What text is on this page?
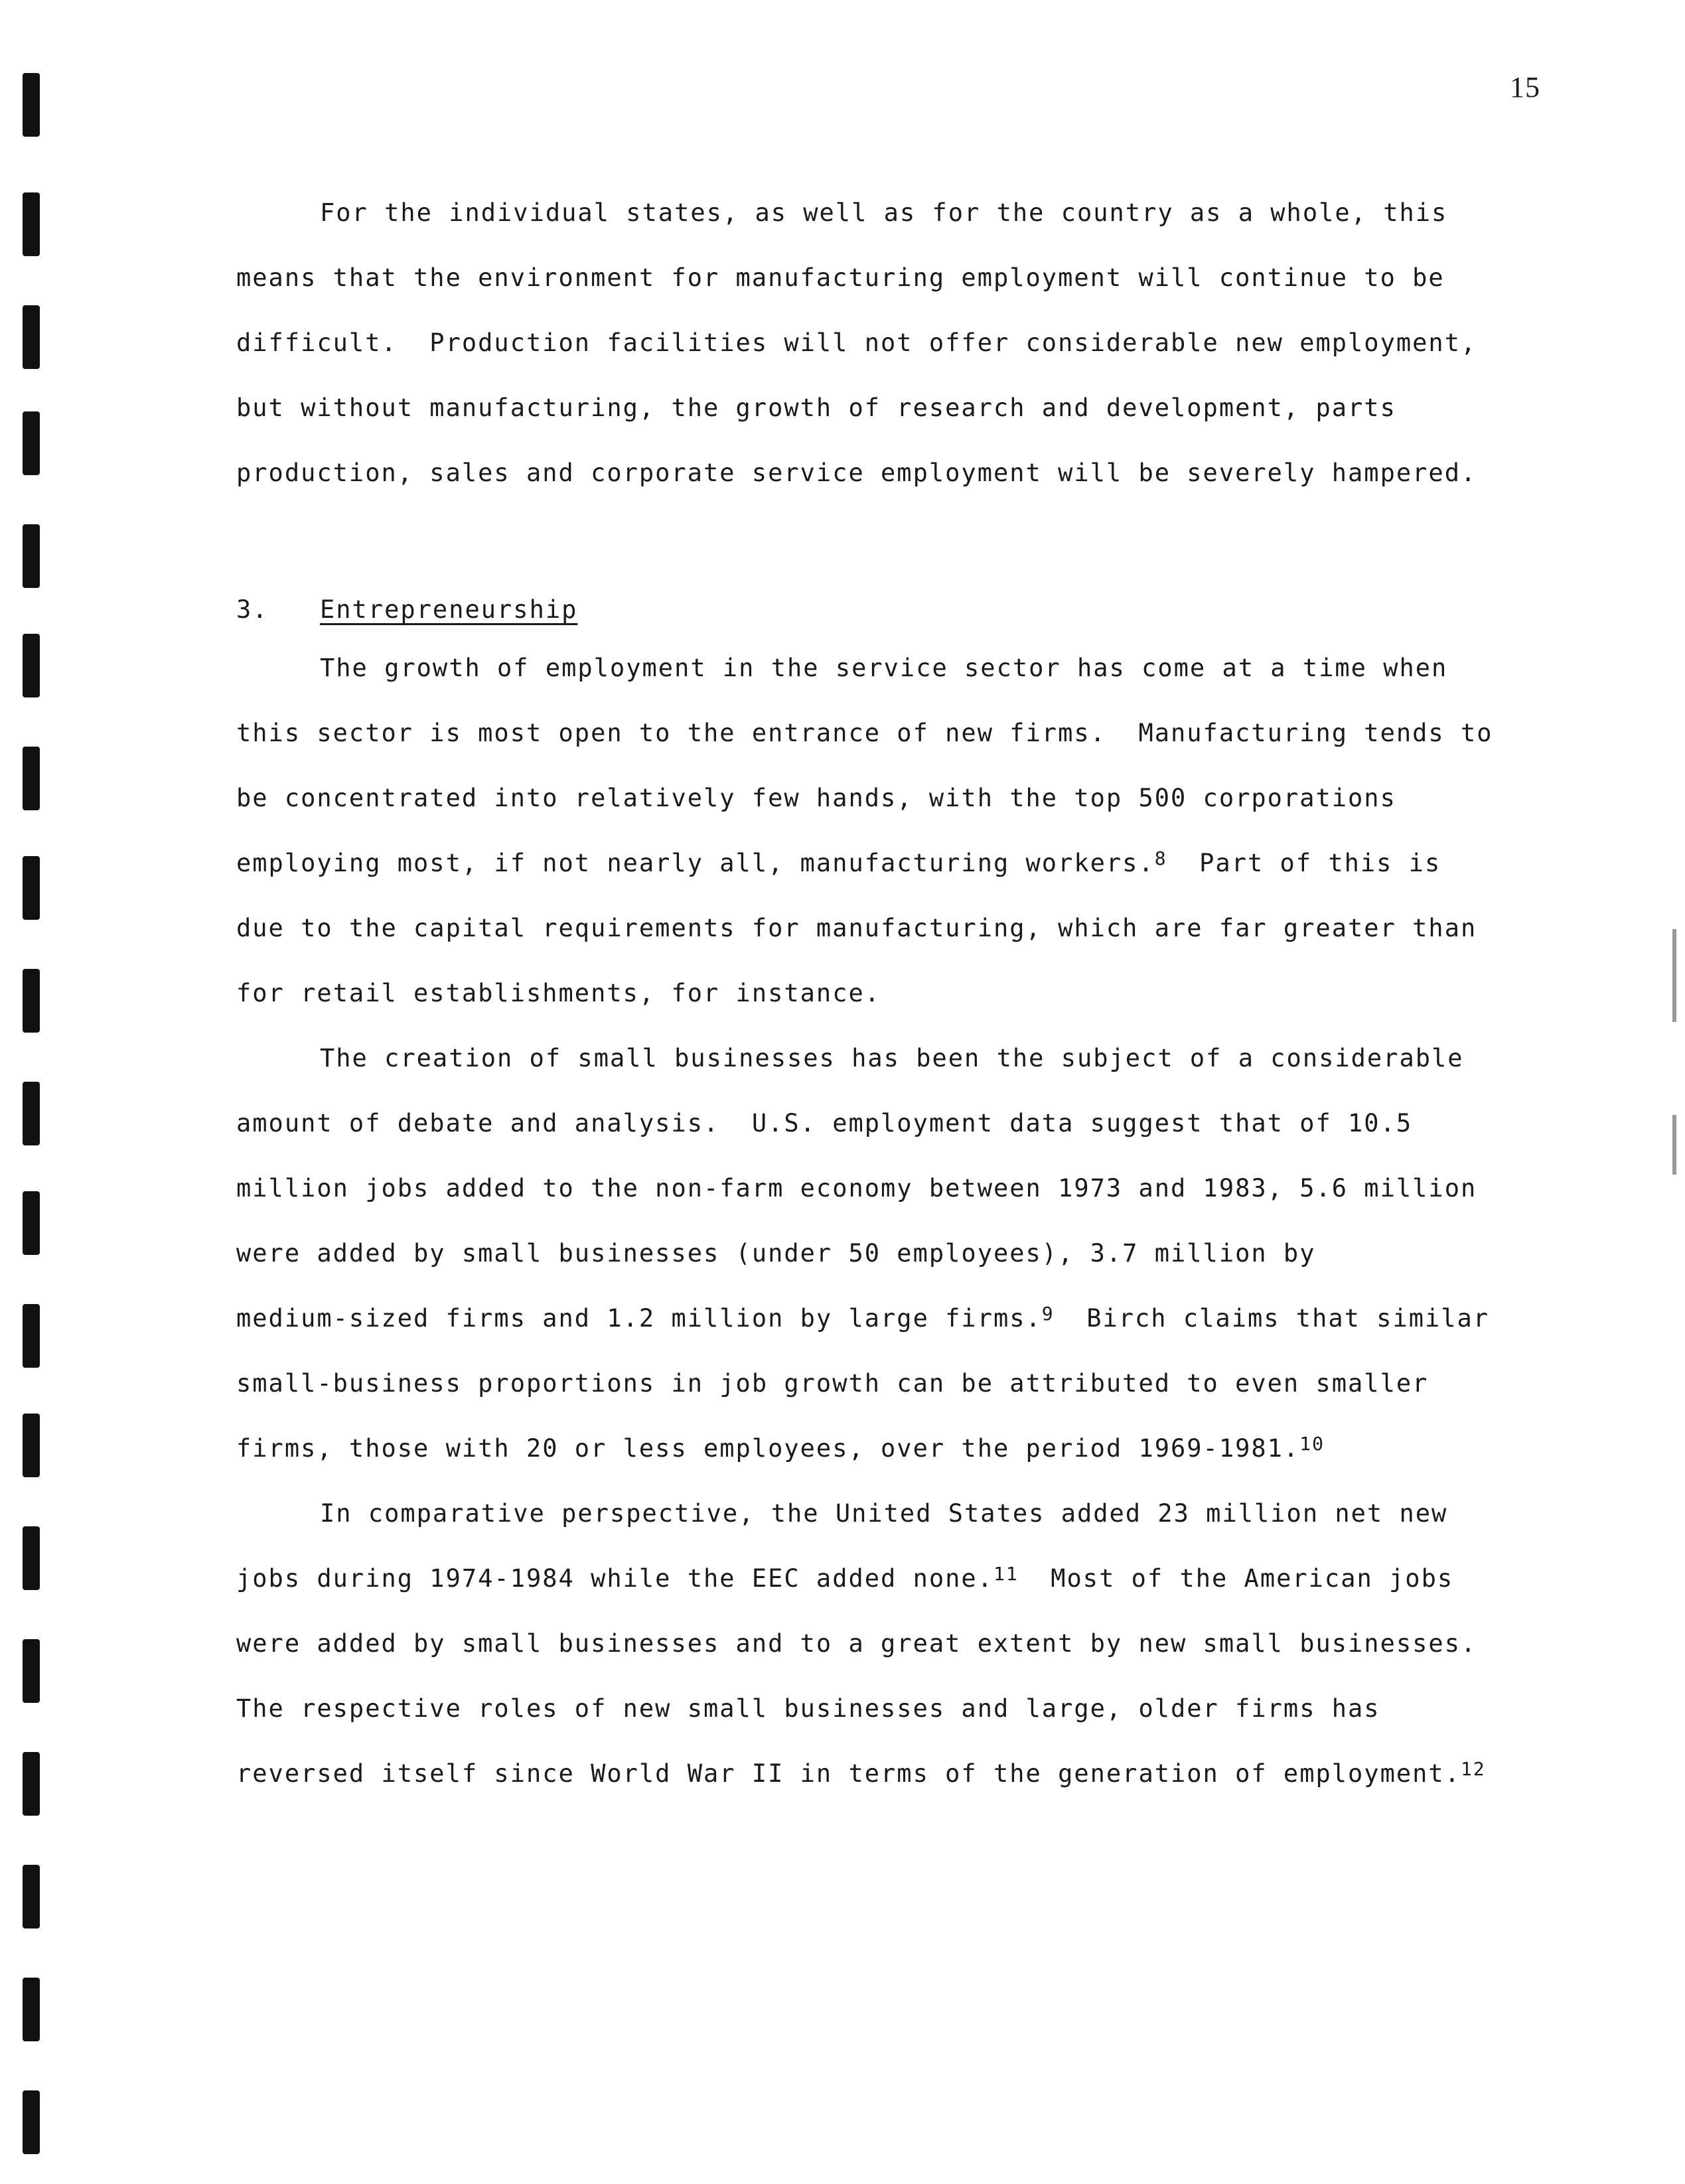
15
For the individual states, as well as for the country as a whole, this
means that the environment for manufacturing employment will continue to be
difficult.  Production facilities will not offer considerable new employment,
but without manufacturing, the growth of research and development, parts
production, sales and corporate service employment will be severely hampered.
3. Entrepreneurship
The growth of employment in the service sector has come at a time when
this sector is most open to the entrance of new firms.  Manufacturing tends to
be concentrated into relatively few hands, with the top 500 corporations
employing most, if not nearly all, manufacturing workers.$^8$  Part of this is
due to the capital requirements for manufacturing, which are far greater than
for retail establishments, for instance.
The creation of small businesses has been the subject of a considerable
amount of debate and analysis.  U.S. employment data suggest that of 10.5
million jobs added to the non-farm economy between 1973 and 1983, 5.6 million
were added by small businesses (under 50 employees), 3.7 million by
medium-sized firms and 1.2 million by large firms.$^9$  Birch claims that similar
small-business proportions in job growth can be attributed to even smaller
firms, those with 20 or less employees, over the period 1969-1981.10
In comparative perspective, the United States added 23 million net new
jobs during 1974-1984 while the EEC added none.$^{11}$  Most of the American jobs
were added by small businesses and to a great extent by new small businesses.
The respective roles of new small businesses and large, older firms has
reversed itself since World War II in terms of the generation of employment.$^{12}$
